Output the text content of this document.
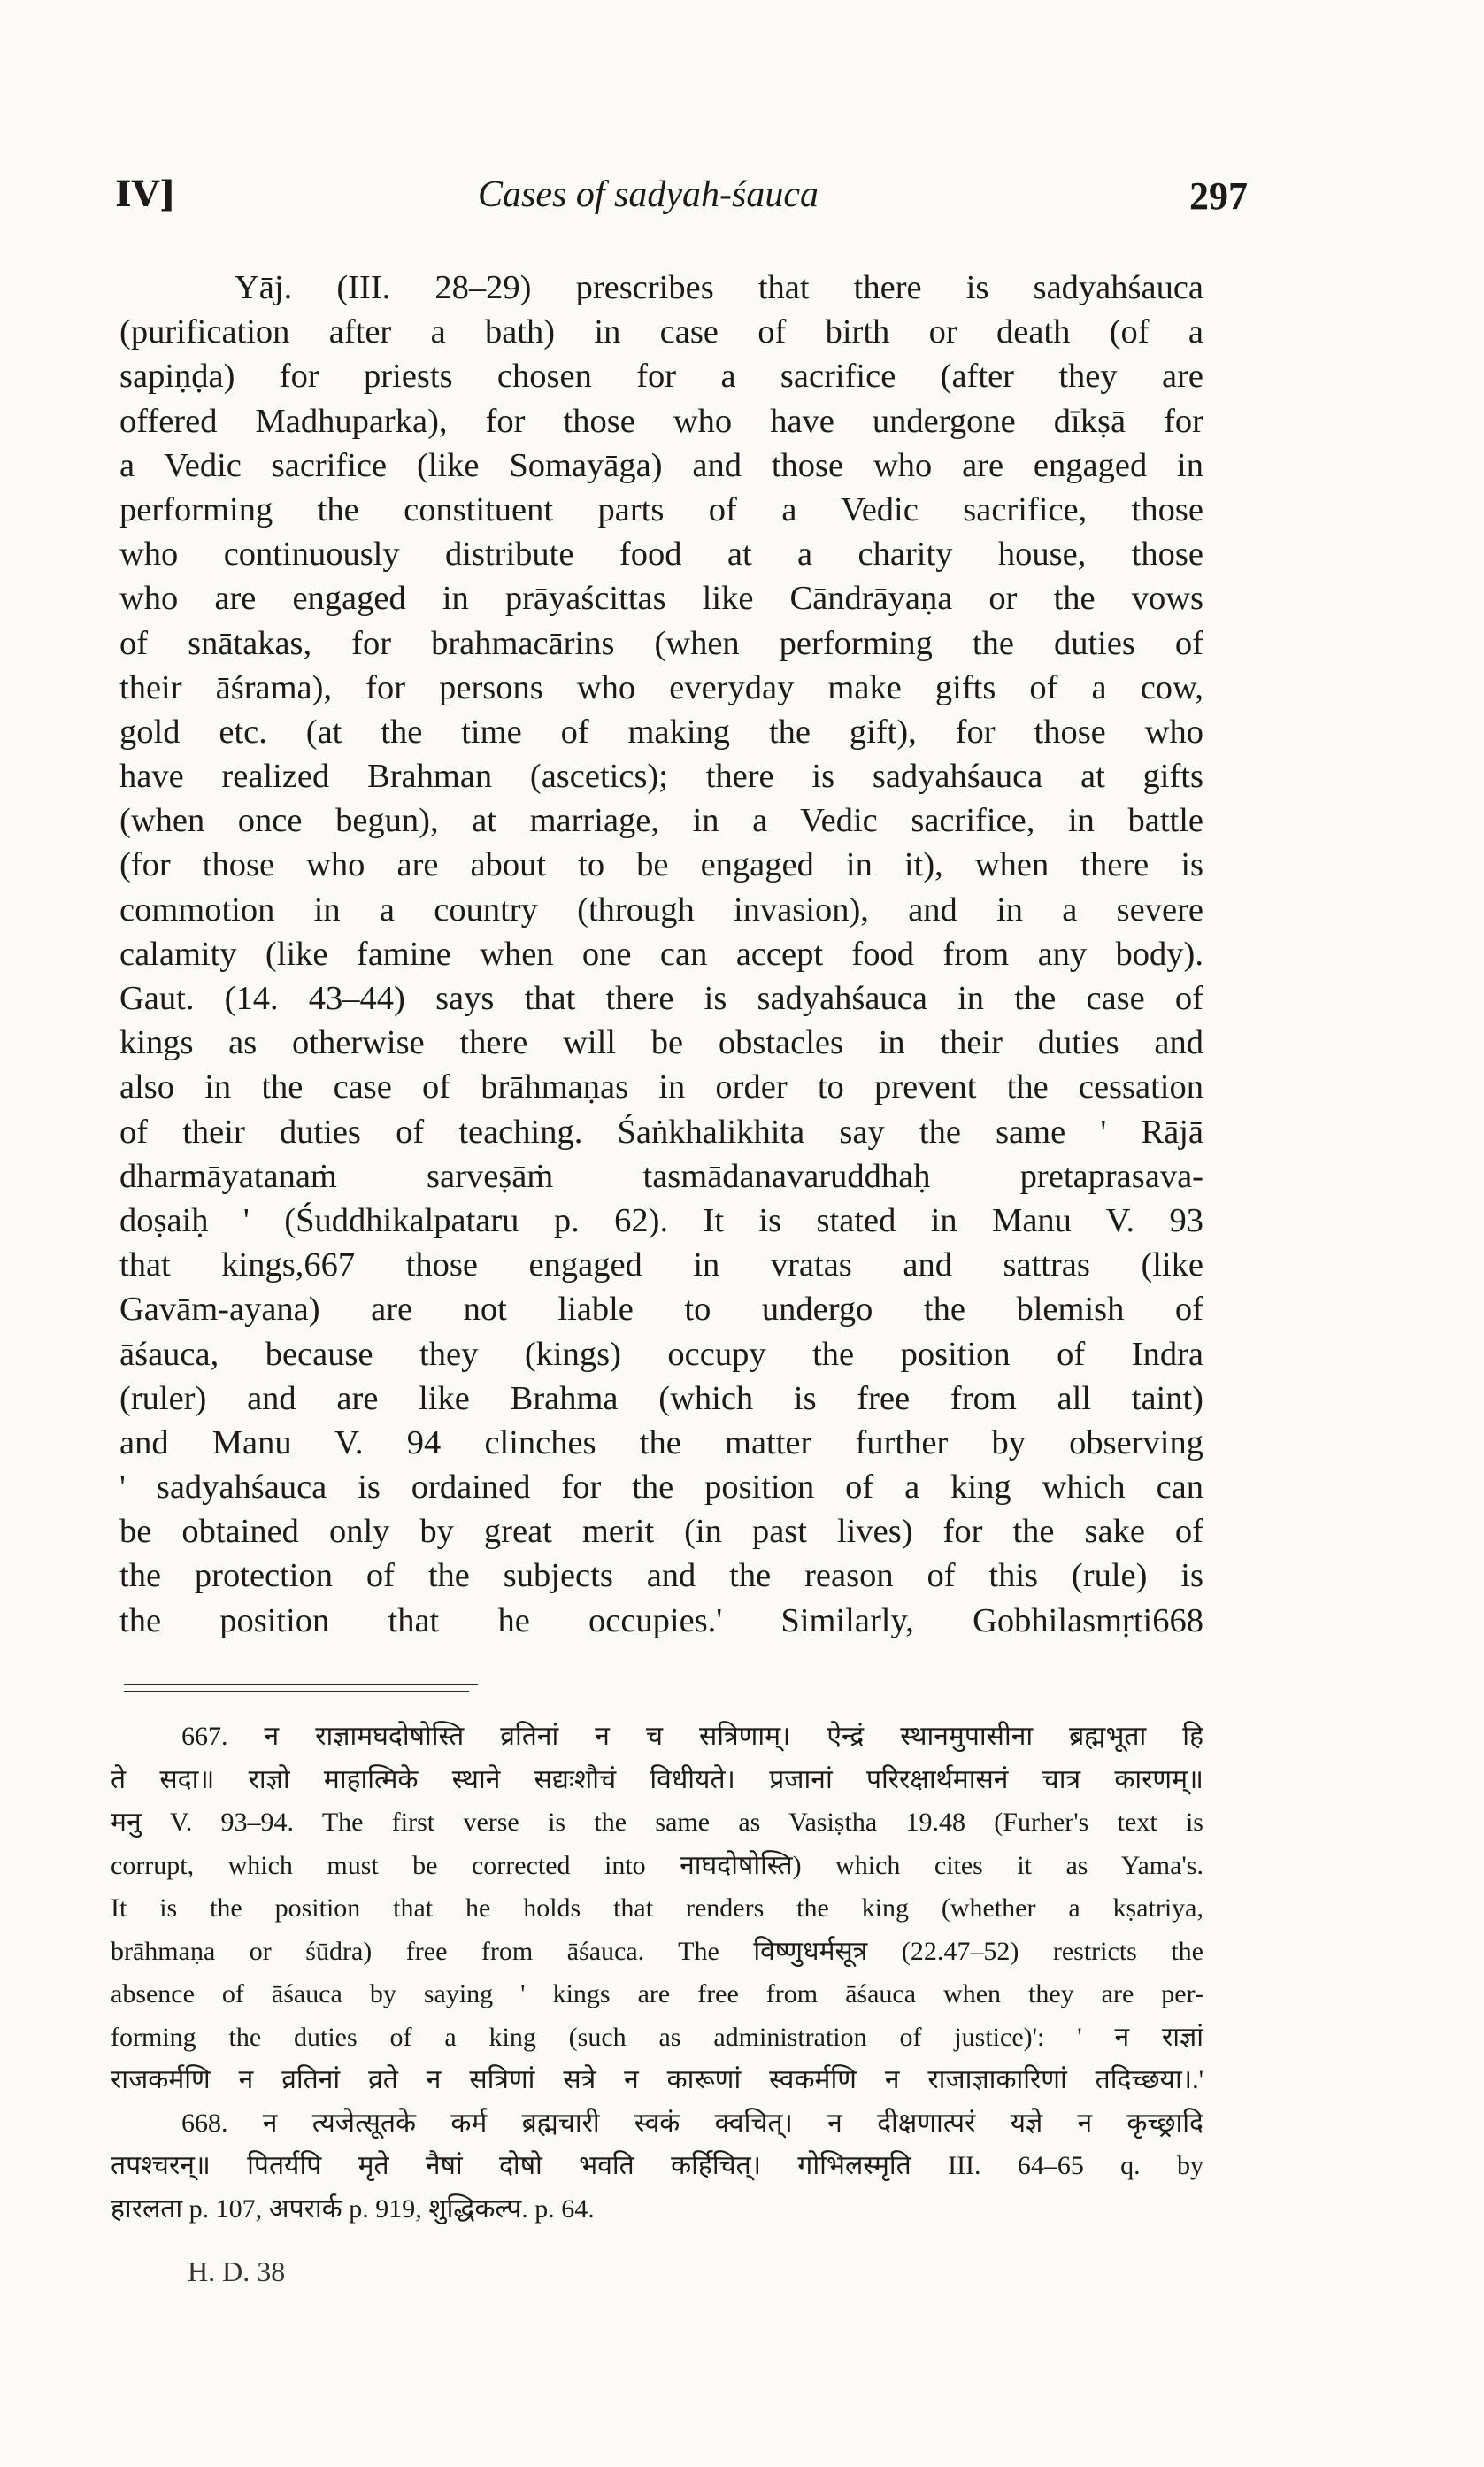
IV]	Cases of sadyah-śauca	297
Yāj. (III. 28–29) prescribes that there is sadyahśauca
(purification after a bath) in case of birth or death (of a
sapiṇḍa) for priests chosen for a sacrifice (after they are
offered Madhuparka), for those who have undergone dīkṣā for
a Vedic sacrifice (like Somayāga) and those who are engaged in
performing the constituent parts of a Vedic sacrifice, those
who continuously distribute food at a charity house, those
who are engaged in prāyaścittas like Cāndrāyaṇa or the vows
of snātakas, for brahmacārins (when performing the duties of
their āśrama), for persons who everyday make gifts of a cow,
gold etc. (at the time of making the gift), for those who
have realized Brahman (ascetics); there is sadyahśauca at gifts
(when once begun), at marriage, in a Vedic sacrifice, in battle
(for those who are about to be engaged in it), when there is
commotion in a country (through invasion), and in a severe
calamity (like famine when one can accept food from any body).
Gaut. (14. 43–44) says that there is sadyahśauca in the case of
kings as otherwise there will be obstacles in their duties and
also in the case of brāhmaṇas in order to prevent the cessation
of their duties of teaching. Śaṅkhalikhita say the same ' Rājā
dharmāyatanaṁ sarveṣāṁ tasmādanavaruddhaḥ pretaprasava-
doṣaiḥ ' (Śuddhikalpataru p. 62). It is stated in Manu V. 93
that kings,667 those engaged in vratas and sattras (like
Gavām-ayana) are not liable to undergo the blemish of
āśauca, because they (kings) occupy the position of Indra
(ruler) and are like Brahma (which is free from all taint)
and Manu V. 94 clinches the matter further by observing
' sadyahśauca is ordained for the position of a king which can
be obtained only by great merit (in past lives) for the sake of
the protection of the subjects and the reason of this (rule) is
the position that he occupies.' Similarly, Gobhilasmṛti668
667. न राज्ञामघदोषोस्ति व्रतिनां न च सत्रिणाम्। ऐन्द्रं स्थानमुपासीना ब्रह्मभूता हि
ते सदा॥ राज्ञो माहात्मिके स्थाने सद्यःशौचं विधीयते। प्रजानां परिरक्षार्थमासनं चात्र कारणम्॥
मनु V. 93–94. The first verse is the same as Vasiṣtha 19.48 (Furher's text is
corrupt, which must be corrected into नाघदोषोस्ति) which cites it as Yama's.
It is the position that he holds that renders the king (whether a kṣatriya,
brāhmaṇa or śūdra) free from āśauca. The विष्णुधर्मसूत्र (22.47–52) restricts the
absence of āśauca by saying ' kings are free from āśauca when they are per-
forming the duties of a king (such as administration of justice)': ' न राज्ञां
राजकर्मणि न व्रतिनां व्रते न सत्रिणां सत्रे न कारूणां स्वकर्मणि न राजाज्ञाकारिणां तदिच्छया।.'
668. न त्यजेत्सूतके कर्म ब्रह्मचारी स्वकं क्वचित्। न दीक्षणात्परं यज्ञे न कृच्छ्रादि
तपश्चरन्॥ पितर्यपि मृते नैषां दोषो भवति कर्हिचित्। गोभिलस्मृति III. 64–65 q. by
हारलता p. 107, अपरार्क p. 919, शुद्धिकल्प. p. 64.
H. D. 38
